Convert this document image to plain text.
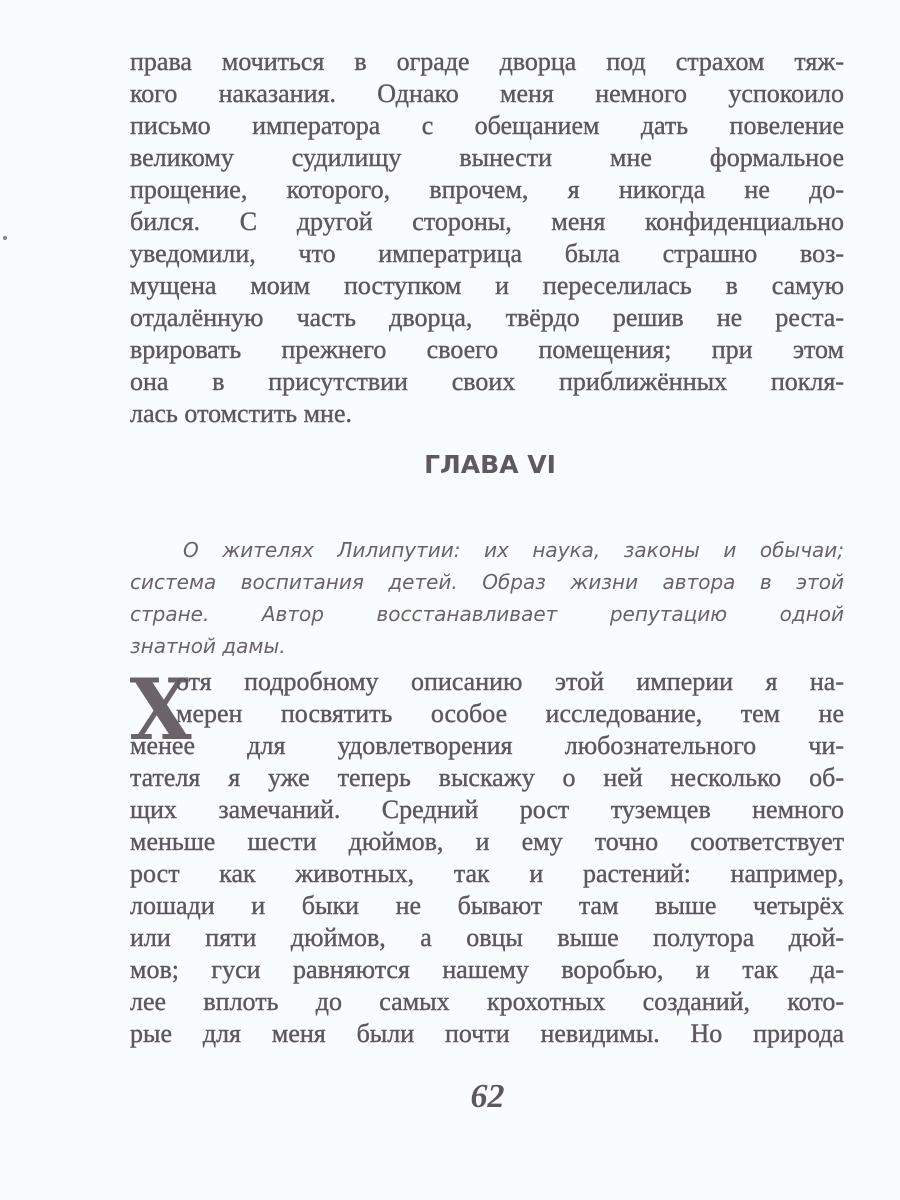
права мочиться в ограде дворца под страхом тяж-
кого наказания. Однако меня немного успокоило
письмо императора с обещанием дать повеление
великому судилищу вынести мне формальное
прощение, которого, впрочем, я никогда не до-
бился. С другой стороны, меня конфиденциально
уведомили, что императрица была страшно воз-
мущена моим поступком и переселилась в самую
отдалённую часть дворца, твёрдо решив не реста-
врировать прежнего своего помещения; при этом
она в присутствии своих приближённых покля-
лась отомстить мне.
ГЛАВА VI
О жителях Лилипутии: их наука, законы и обычаи;
система воспитания детей. Образ жизни автора в этой
стране. Автор восстанавливает репутацию одной
знатной дамы.
Х
отя подробному описанию этой империи я на-
мерен посвятить особое исследование, тем не
менее для удовлетворения любознательного чи-
тателя я уже теперь выскажу о ней несколько об-
щих замечаний. Средний рост туземцев немного
меньше шести дюймов, и ему точно соответствует
рост как животных, так и растений: например,
лошади и быки не бывают там выше четырёх
или пяти дюймов, а овцы выше полутора дюй-
мов; гуси равняются нашему воробью, и так да-
лее вплоть до самых крохотных созданий, кото-
рые для меня были почти невидимы. Но природа
62
